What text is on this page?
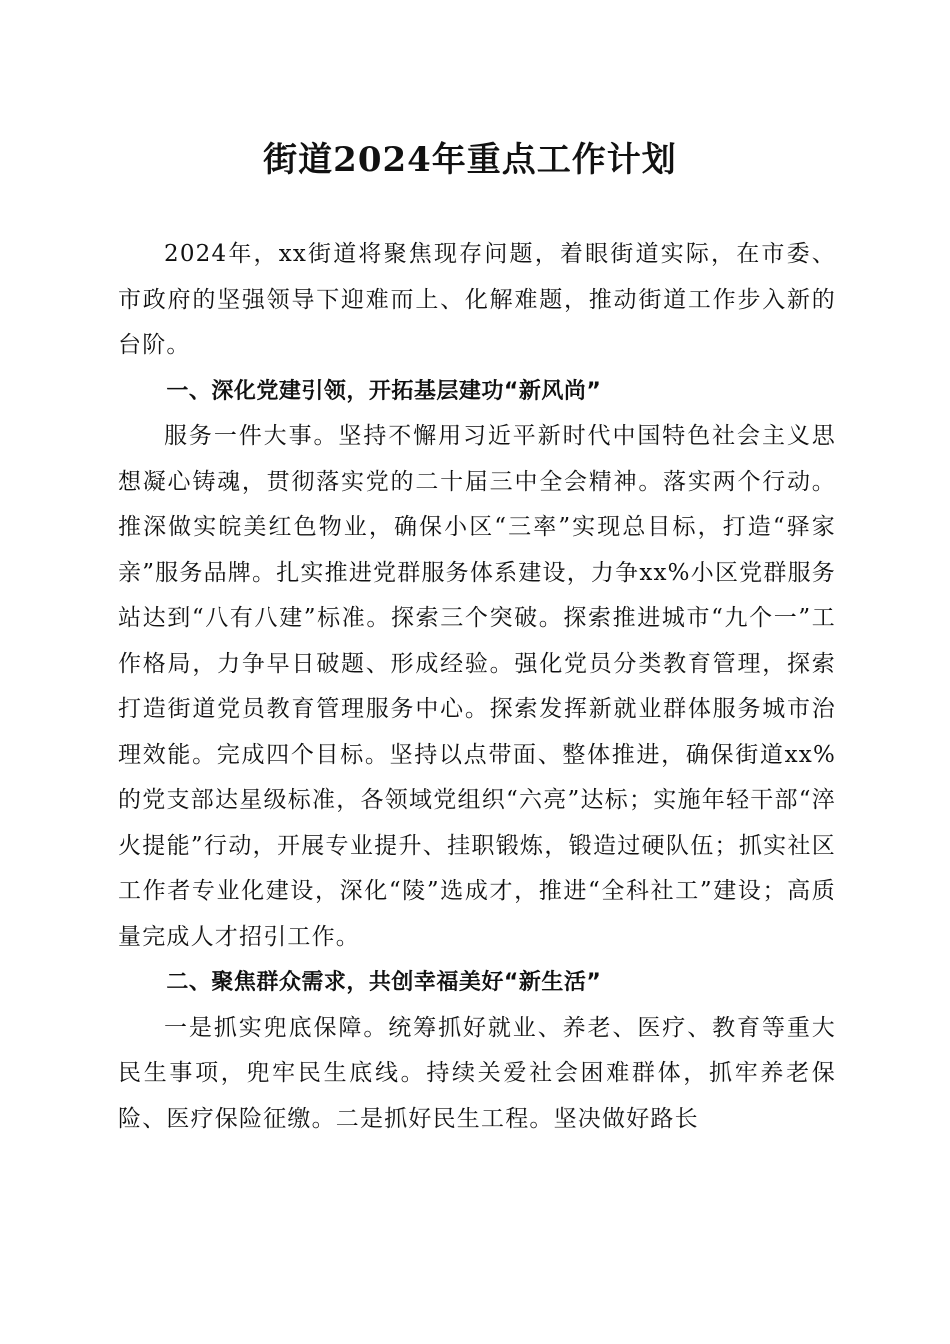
街道2024年重点工作计划

2024年，xx街道将聚焦现存问题，着眼街道实际，在市委、市政府的坚强领导下迎难而上、化解难题，推动街道工作步入新的台阶。

一、深化党建引领，开拓基层建功“新风尚”

服务一件大事。坚持不懈用习近平新时代中国特色社会主义思想凝心铸魂，贯彻落实党的二十届三中全会精神。落实两个行动。推深做实皖美红色物业，确保小区“三率”实现总目标，打造“驿家亲”服务品牌。扎实推进党群服务体系建设，力争xx%小区党群服务站达到“八有八建”标准。探索三个突破。探索推进城市“九个一”工作格局，力争早日破题、形成经验。强化党员分类教育管理，探索打造街道党员教育管理服务中心。探索发挥新就业群体服务城市治理效能。完成四个目标。坚持以点带面、整体推进，确保街道xx%的党支部达星级标准，各领域党组织“六亮”达标；实施年轻干部“淬火提能”行动，开展专业提升、挂职锻炼，锻造过硬队伍；抓实社区工作者专业化建设，深化“陵”选成才，推进“全科社工”建设；高质量完成人才招引工作。

二、聚焦群众需求，共创幸福美好“新生活”

一是抓实兜底保障。统筹抓好就业、养老、医疗、教育等重大民生事项，兜牢民生底线。持续关爱社会困难群体，抓牢养老保险、医疗保险征缴。二是抓好民生工程。坚决做好路长
